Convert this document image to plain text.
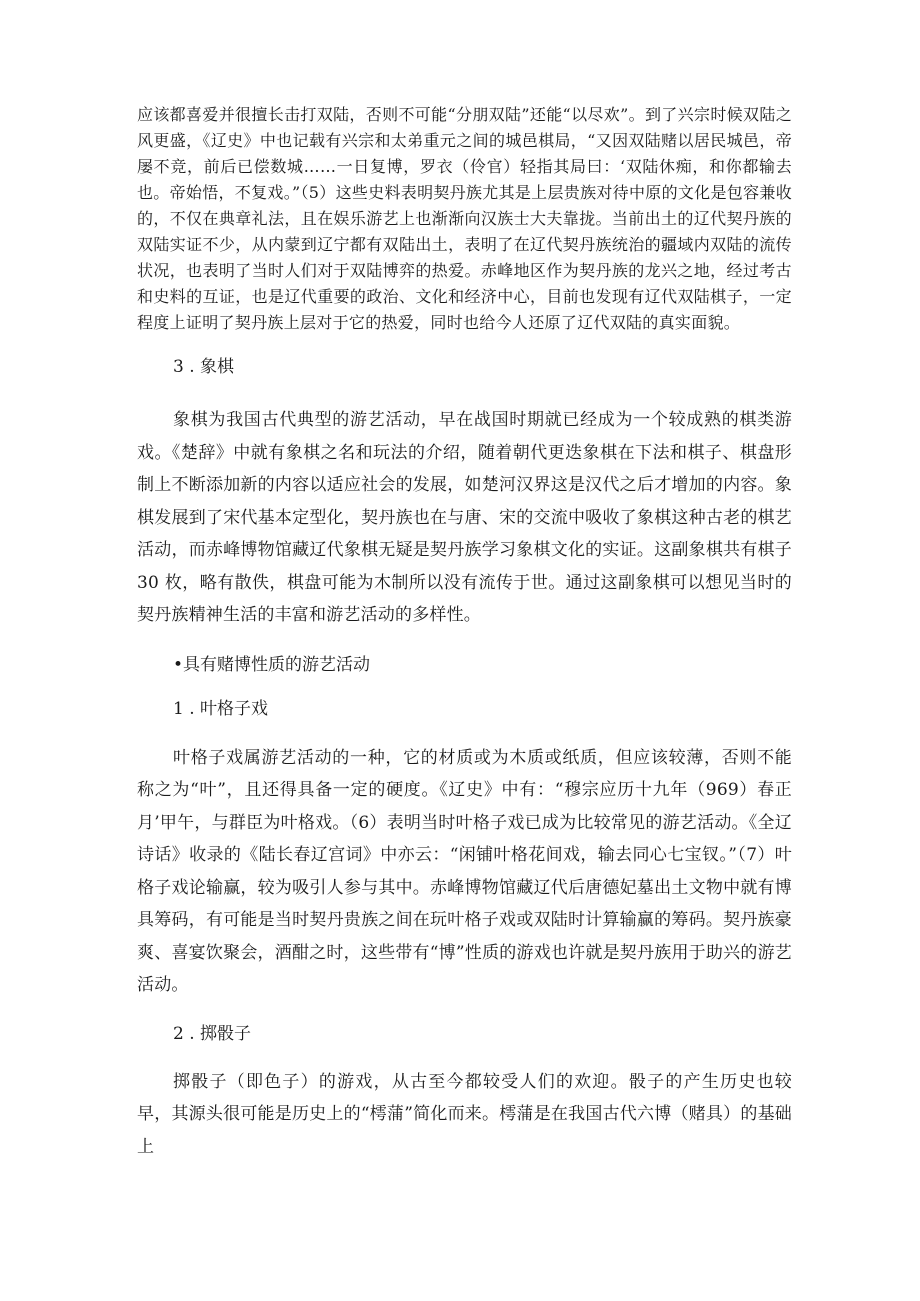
应该都喜爱并很擅长击打双陆，否则不可能“分朋双陆”还能“以尽欢”。到了兴宗时候双陆之风更盛，《辽史》中也记载有兴宗和太弟重元之间的城邑棋局，“又因双陆赌以居民城邑，帝屡不竞，前后已偿数城……一日复博，罗衣（伶官）轻指其局曰：‘双陆休痴，和你都输去也。帝始悟，不复戏。”（5）这些史料表明契丹族尤其是上层贵族对待中原的文化是包容兼收的，不仅在典章礼法，且在娱乐游艺上也渐渐向汉族士大夫靠拢。当前出土的辽代契丹族的双陆实证不少，从内蒙到辽宁都有双陆出土，表明了在辽代契丹族统治的疆域内双陆的流传状况，也表明了当时人们对于双陆博弈的热爱。赤峰地区作为契丹族的龙兴之地，经过考古和史料的互证，也是辽代重要的政治、文化和经济中心，目前也发现有辽代双陆棋子，一定程度上证明了契丹族上层对于它的热爱，同时也给今人还原了辽代双陆的真实面貌。

3 . 象棋

象棋为我国古代典型的游艺活动，早在战国时期就已经成为一个较成熟的棋类游戏。《楚辞》中就有象棋之名和玩法的介绍，随着朝代更迭象棋在下法和棋子、棋盘形制上不断添加新的内容以适应社会的发展，如楚河汉界这是汉代之后才增加的内容。象棋发展到了宋代基本定型化，契丹族也在与唐、宋的交流中吸收了象棋这种古老的棋艺活动，而赤峰博物馆藏辽代象棋无疑是契丹族学习象棋文化的实证。这副象棋共有棋子 30 枚，略有散佚，棋盘可能为木制所以没有流传于世。通过这副象棋可以想见当时的契丹族精神生活的丰富和游艺活动的多样性。

•具有赌博性质的游艺活动

1 . 叶格子戏

叶格子戏属游艺活动的一种，它的材质或为木质或纸质，但应该较薄，否则不能称之为“叶”，且还得具备一定的硬度。《辽史》中有：“穆宗应历十九年（969）春正月’甲午，与群臣为叶格戏。（6）表明当时叶格子戏已成为比较常见的游艺活动。《全辽诗话》收录的《陆长春辽宫词》中亦云：“闲铺叶格花间戏，输去同心七宝钗。”（7）叶格子戏论输赢，较为吸引人参与其中。赤峰博物馆藏辽代后唐德妃墓出土文物中就有博具筹码，有可能是当时契丹贵族之间在玩叶格子戏或双陆时计算输赢的筹码。契丹族豪爽、喜宴饮聚会，酒酣之时，这些带有“博”性质的游戏也许就是契丹族用于助兴的游艺活动。

2 . 掷骰子

掷骰子（即色子）的游戏，从古至今都较受人们的欢迎。骰子的产生历史也较早，其源头很可能是历史上的“樗蒲”简化而来。樗蒲是在我国古代六博（赌具）的基础上
